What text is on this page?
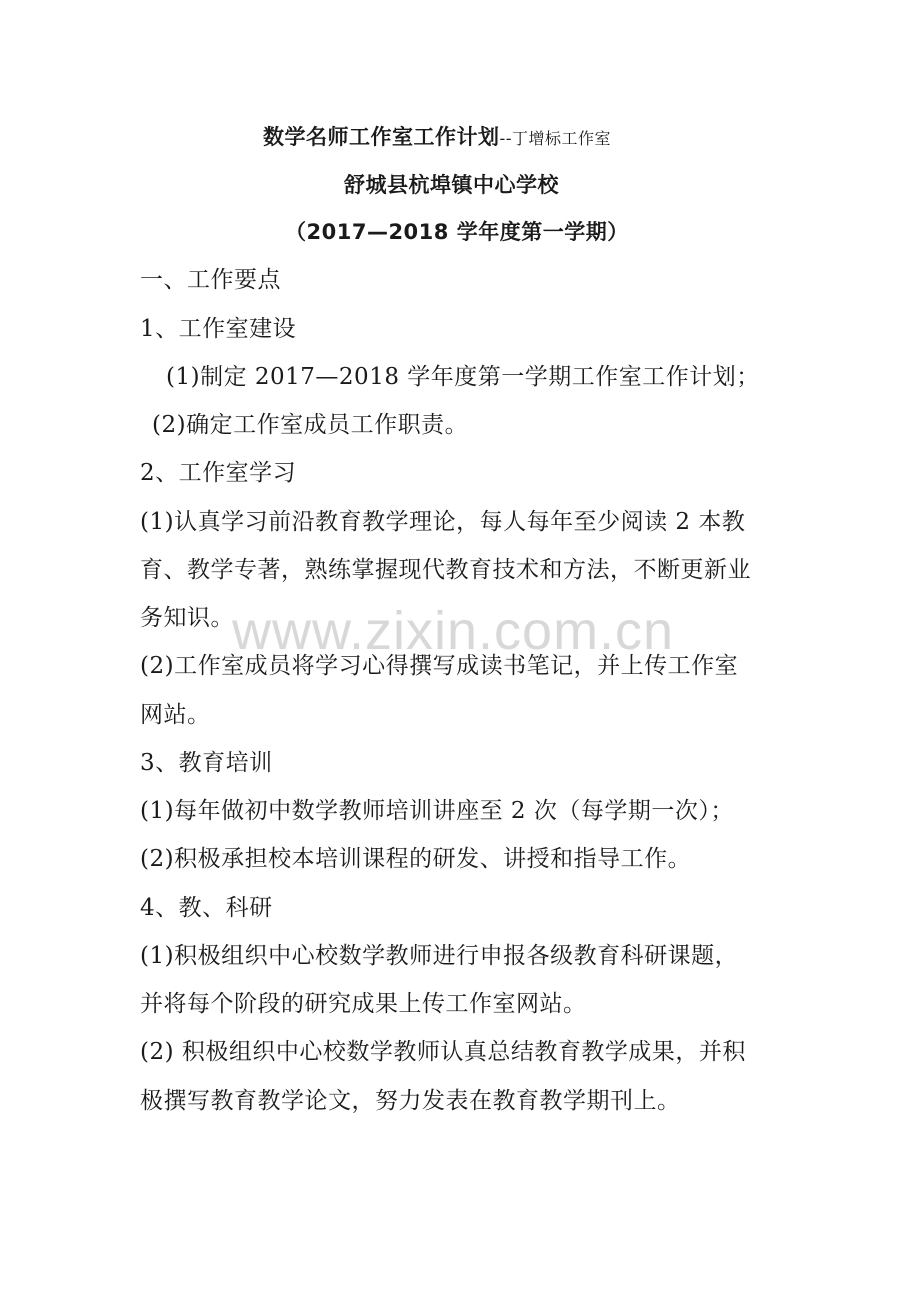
数学名师工作室工作计划--丁增标工作室
舒城县杭埠镇中心学校
（2017—2018 学年度第一学期）
一、工作要点
1、工作室建设
(1)制定 2017—2018 学年度第一学期工作室工作计划；
(2)确定工作室成员工作职责。
2、工作室学习
(1)认真学习前沿教育教学理论，每人每年至少阅读 2 本教
育、教学专著，熟练掌握现代教育技术和方法，不断更新业
务知识。
(2)工作室成员将学习心得撰写成读书笔记，并上传工作室
网站。
3、教育培训
(1)每年做初中数学教师培训讲座至 2 次（每学期一次）；
(2)积极承担校本培训课程的研发、讲授和指导工作。
4、教、科研
(1)积极组织中心校数学教师进行申报各级教育科研课题，
并将每个阶段的研究成果上传工作室网站。
(2) 积极组织中心校数学教师认真总结教育教学成果，并积
极撰写教育教学论文，努力发表在教育教学期刊上。
www.zixin.com.cn
